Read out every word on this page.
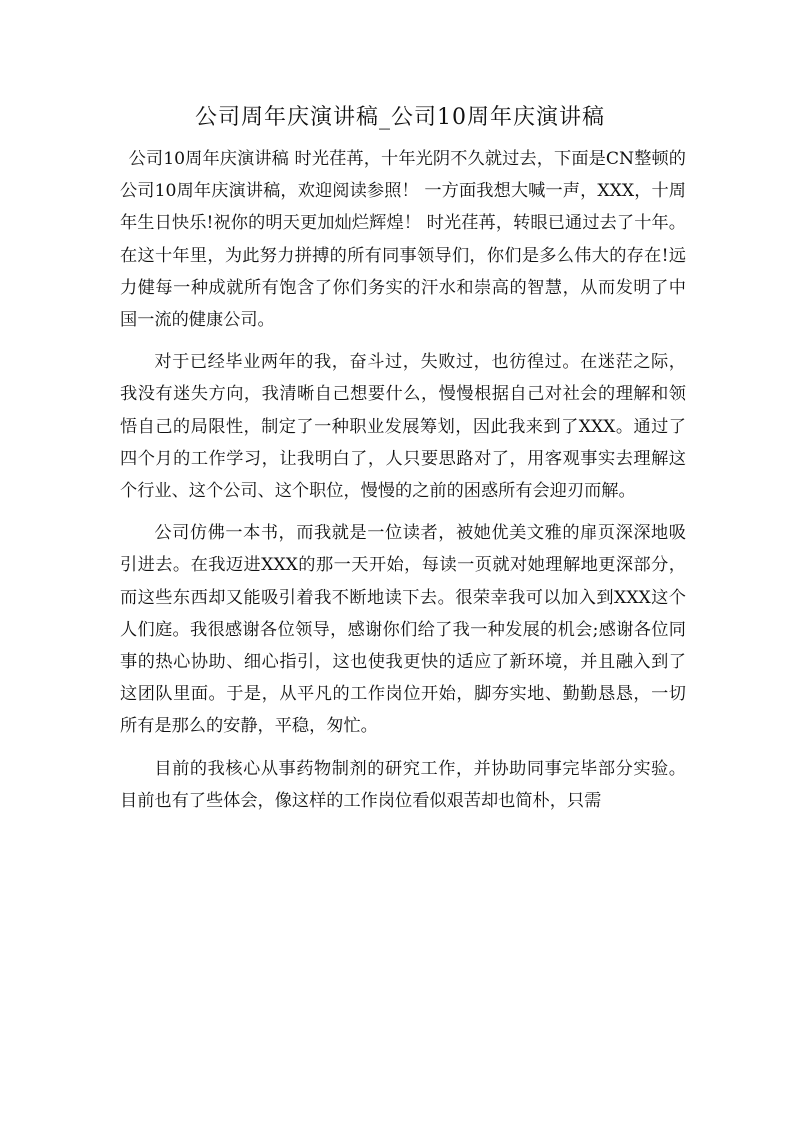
公司周年庆演讲稿_公司10周年庆演讲稿

公司10周年庆演讲稿 时光荏苒，十年光阴不久就过去，下面是CN整顿的公司10周年庆演讲稿，欢迎阅读参照！ 一方面我想大喊一声，XXX，十周年生日快乐!祝你的明天更加灿烂辉煌！ 时光荏苒，转眼已通过去了十年。在这十年里，为此努力拼搏的所有同事领导们，你们是多么伟大的存在!远力健每一种成就所有饱含了你们务实的汗水和崇高的智慧，从而发明了中国一流的健康公司。

对于已经毕业两年的我，奋斗过，失败过，也彷徨过。在迷茫之际，我没有迷失方向，我清晰自己想要什么，慢慢根据自己对社会的理解和领悟自己的局限性，制定了一种职业发展筹划，因此我来到了XXX。通过了四个月的工作学习，让我明白了，人只要思路对了，用客观事实去理解这个行业、这个公司、这个职位，慢慢的之前的困惑所有会迎刃而解。

公司仿佛一本书，而我就是一位读者，被她优美文雅的扉页深深地吸引进去。在我迈进XXX的那一天开始，每读一页就对她理解地更深部分，而这些东西却又能吸引着我不断地读下去。很荣幸我可以加入到XXX这个人们庭。我很感谢各位领导，感谢你们给了我一种发展的机会;感谢各位同事的热心协助、细心指引，这也使我更快的适应了新环境，并且融入到了这团队里面。于是，从平凡的工作岗位开始，脚夯实地、勤勤恳恳，一切所有是那么的安静，平稳，匆忙。

目前的我核心从事药物制剂的研究工作，并协助同事完毕部分实验。目前也有了些体会，像这样的工作岗位看似艰苦却也简朴，只需
